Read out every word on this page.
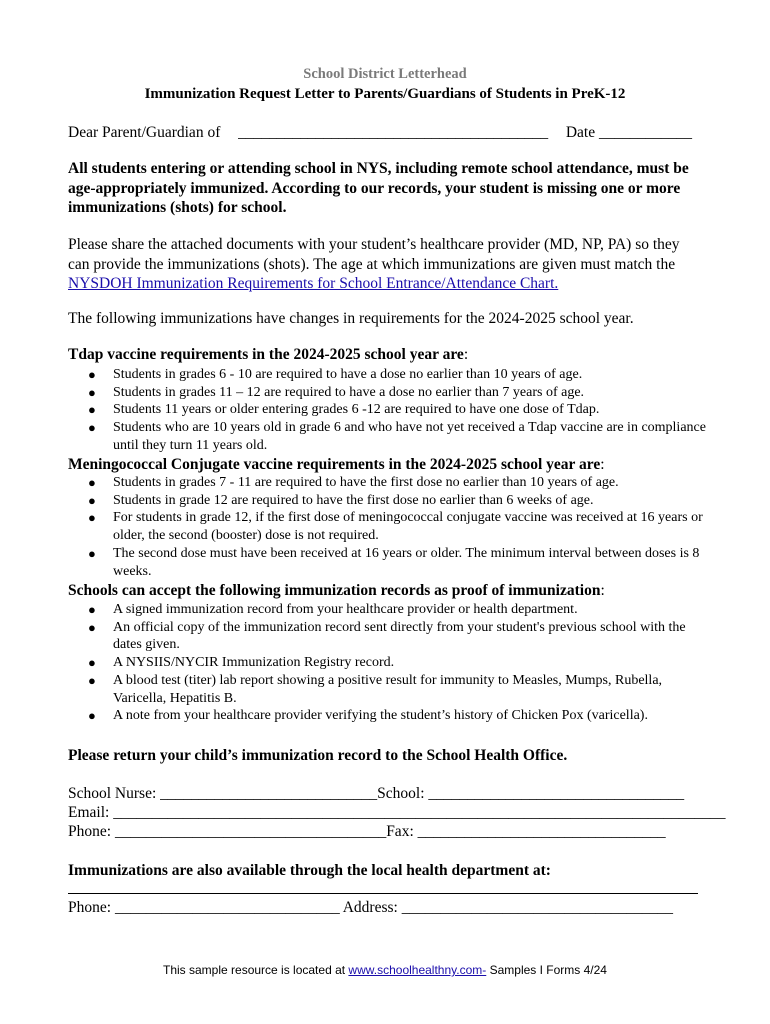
School District Letterhead
Immunization Request Letter to Parents/Guardians of Students in PreK-12
Dear Parent/Guardian of ________________________________________ Date ____________
All students entering or attending school in NYS, including remote school attendance, must be age-appropriately immunized. According to our records, your student is missing one or more immunizations (shots) for school.
Please share the attached documents with your student’s healthcare provider (MD, NP, PA) so they can provide the immunizations (shots). The age at which immunizations are given must match the NYSDOH Immunization Requirements for School Entrance/Attendance Chart.
The following immunizations have changes in requirements for the 2024-2025 school year.
Tdap vaccine requirements in the 2024-2025 school year are:
● Students in grades 6 - 10 are required to have a dose no earlier than 10 years of age.
● Students in grades 11 – 12 are required to have a dose no earlier than 7 years of age.
● Students 11 years or older entering grades 6 -12 are required to have one dose of Tdap.
● Students who are 10 years old in grade 6 and who have not yet received a Tdap vaccine are in compliance until they turn 11 years old.
Meningococcal Conjugate vaccine requirements in the 2024-2025 school year are:
● Students in grades 7 - 11 are required to have the first dose no earlier than 10 years of age.
● Students in grade 12 are required to have the first dose no earlier than 6 weeks of age.
● For students in grade 12, if the first dose of meningococcal conjugate vaccine was received at 16 years or older, the second (booster) dose is not required.
● The second dose must have been received at 16 years or older. The minimum interval between doses is 8 weeks.
Schools can accept the following immunization records as proof of immunization:
● A signed immunization record from your healthcare provider or health department.
● An official copy of the immunization record sent directly from your student's previous school with the dates given.
● A NYSIIS/NYCIR Immunization Registry record.
● A blood test (titer) lab report showing a positive result for immunity to Measles, Mumps, Rubella, Varicella, Hepatitis B.
● A note from your healthcare provider verifying the student’s history of Chicken Pox (varicella).
Please return your child’s immunization record to the School Health Office.
School Nurse: ____________________________School: _________________________________
Email: _______________________________________________________________________________
Phone: ___________________________________Fax: ________________________________
Immunizations are also available through the local health department at:
Phone: _____________________________ Address: ___________________________________
This sample resource is located at www.schoolhealthny.com- Samples I Forms 4/24
